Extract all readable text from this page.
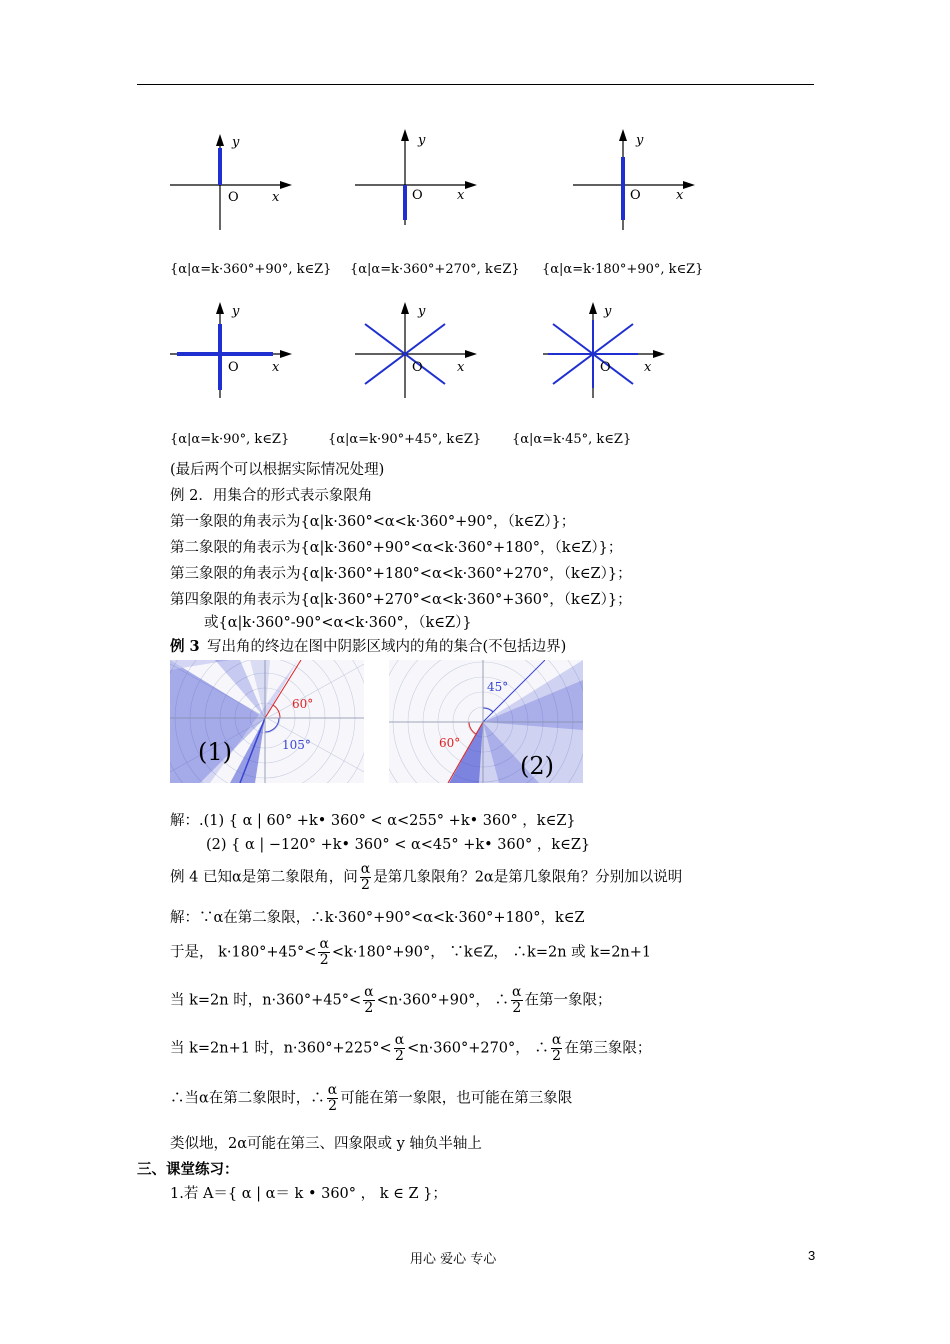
y
O	x
y
O	x
y
O	x
{α|α=k·360°+90°, k∈Z} {α|α=k·360°+270°, k∈Z} {α|α=k·180°+90°, k∈Z}
y
O	x
y
O	x
y
O	x
{α|α=k·90°, k∈Z}	{α|α=k·90°+45°, k∈Z} {α|α=k·45°, k∈Z}
(最后两个可以根据实际情况处理)
例 2．用集合的形式表示象限角
第一象限的角表示为{α|k·360°<α<k·360°+90°，（k∈Z）}；
第二象限的角表示为{α|k·360°+90°<α<k·360°+180°，（k∈Z）}；
第三象限的角表示为{α|k·360°+180°<α<k·360°+270°，（k∈Z）}；
第四象限的角表示为{α|k·360°+270°<α<k·360°+360°，（k∈Z）}；
或{α|k·360°-90°<α<k·360°，（k∈Z）}
例 3 写出角的终边在图中阴影区域内的角的集合(不包括边界)
60°
105°
(1)
45°
60°
(2)
解：.(1) { α | 60° +k• 360° < α<255° +k• 360° ，k∈Z}
(2) { α | −120° +k• 360° < α<45° +k• 360° ，k∈Z}
例 4 已知α是第二象限角，问 $\frac{\alpha}{2}$ 是第几象限角？2α是第几象限角？分别加以说明
解：∵α在第二象限，∴k·360°+90°<α<k·360°+180°，k∈Z
于是， $k\cdot 180^\circ+45^\circ< \frac{\alpha}{2} <k\cdot 180^\circ+90^\circ$， ∵k∈Z， ∴k=2n 或 k=2n+1
当 k=2n 时，$n\cdot 360^\circ+45^\circ< \frac{\alpha}{2} <n\cdot 360^\circ+90^\circ$， ∴ $\frac{\alpha}{2}$ 在第一象限；
当 k=2n+1 时，$n\cdot 360^\circ+225^\circ< \frac{\alpha}{2} <n\cdot 360^\circ+270^\circ$， ∴ $\frac{\alpha}{2}$ 在第三象限；
∴当α在第二象限时，∴ $\frac{\alpha}{2}$ 可能在第一象限，也可能在第三象限
类似地，2α可能在第三、四象限或 y 轴负半轴上
三、课堂练习：
1.若 A＝{ α | α＝ k • 360° ， k ∈ Z }；
用心 爱心 专心	3
